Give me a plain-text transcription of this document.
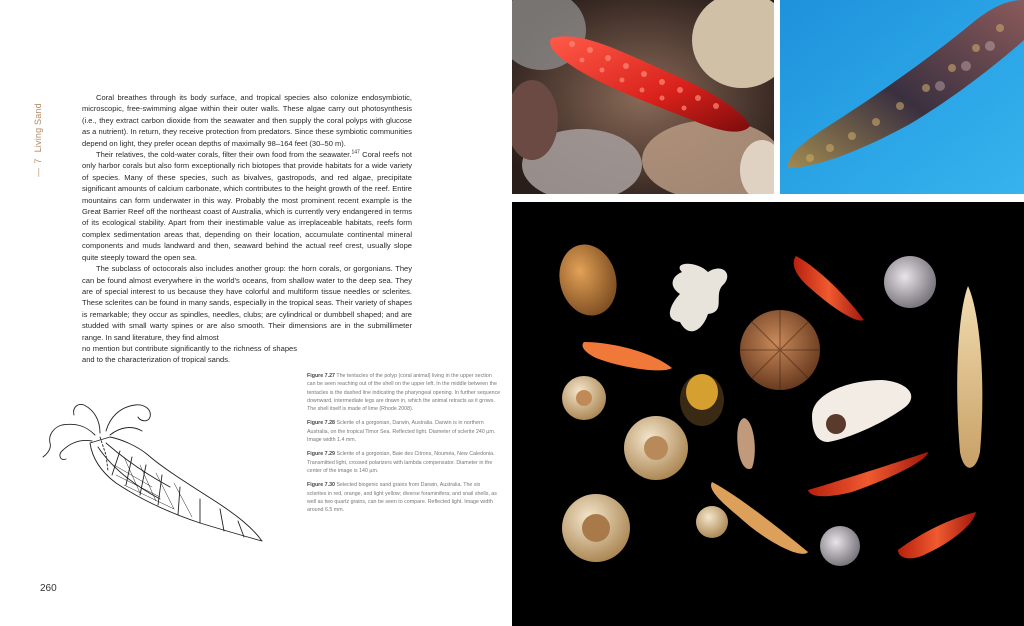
—7Living Sand

Coral breathes through its body surface, and tropical species also colonize endosymbiotic, microscopic, free-swimming algae within their outer walls. These algae carry out photosynthesis (i.e., they extract carbon dioxide from the seawater and then supply the coral polyps with glucose as a nutrient). In return, they receive protection from predators. Since these symbiotic communities depend on light, they prefer ocean depths of maximally 98–164 feet (30–50 m).

Their relatives, the cold-water corals, filter their own food from the seawater.$^{147}$ Coral reefs not only harbor corals but also form exceptionally rich biotopes that provide habitats for a wide variety of species. Many of these species, such as bivalves, gastropods, and red algae, precipitate significant amounts of calcium carbonate, which contributes to the height growth of the reef. Entire mountains can form underwater in this way. Probably the most prominent recent example is the Great Barrier Reef off the northeast coast of Australia, which is currently very endangered in terms of its ecological stability. Apart from their inestimable value as irreplaceable habitats, reefs form complex sedimentation areas that, depending on their location, accumulate continental mineral components and muds landward and then, seaward behind the actual reef crest, usually slope quite steeply toward the open sea.

The subclass of octocorals also includes another group: the horn corals, or gorgonians. They can be found almost everywhere in the world's oceans, from shallow water to the deep sea. They are of special interest to us because they have colorful and multiform tissue needles or sclerites. These sclerites can be found in many sands, especially in the tropical seas. Their variety of shapes is remarkable; they occur as spindles, needles, clubs; are cylindrical or dumbbell shaped; and are studded with small warty spines or are also smooth. Their dimensions are in the submillimeter range. In sand literature, they find almost

no mention but contribute significantly to the richness of shapes and to the characterization of tropical sands.

Figure 7.27 The tentacles of the polyp (coral animal) living in the upper section can be seen reaching out of the shell on the upper left. In the middle between the tentacles is the dashed line indicating the pharyngeal opening. In further sequence downward, intermediate legs are drawn in, which the animal retracts as it grows. The shell itself is made of lime (Rhode 2008).

Figure 7.28 Sclerite of a gorgonian, Darwin, Australia. Darwin is in northern Australia, on the tropical Timor Sea. Reflected light. Diameter of sclerite 240 µm. Image width 1.4 mm.

Figure 7.29 Sclerite of a gorgonian, Baie des Citrons, Nouméa, New Caledonia. Transmitted light, crossed polarizers with lambda compensator. Diameter in the center of the image is 140 µm.

Figure 7.30 Selected biogenic sand grains from Darwin, Australia. The six sclerites in red, orange, and light yellow; diverse foraminifera; and snail shells, as well as two quartz grains, can be seen to compare. Reflected light. Image width around 6.5 mm.

260
